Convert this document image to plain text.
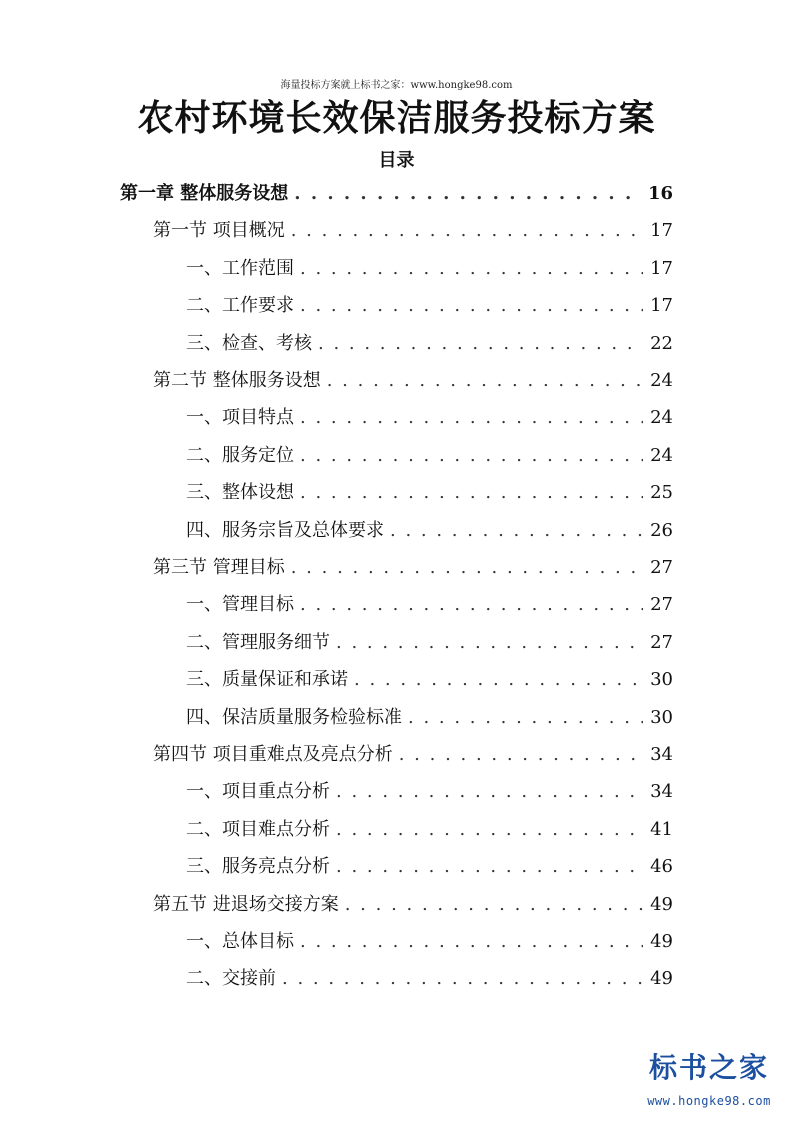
海量投标方案就上标书之家：www.hongke98.com
农村环境长效保洁服务投标方案
目录
第一章 整体服务设想 . . .	16
第一节 项目概况 . . .	17
一、工作范围 . . .	17
二、工作要求 . . .	17
三、检查、考核 . . .	22
第二节 整体服务设想 . . .	24
一、项目特点 . . .	24
二、服务定位 . . .	24
三、整体设想 . . .	25
四、服务宗旨及总体要求 . . .	26
第三节 管理目标 . . .	27
一、管理目标 . . .	27
二、管理服务细节 . . .	27
三、质量保证和承诺 . . .	30
四、保洁质量服务检验标准 . . .	30
第四节 项目重难点及亮点分析 . . .	34
一、项目重点分析 . . .	34
二、项目难点分析 . . .	41
三、服务亮点分析 . . .	46
第五节 进退场交接方案 . . .	49
一、总体目标 . . .	49
二、交接前 . . .	49
标书之家
www.hongke98.com
